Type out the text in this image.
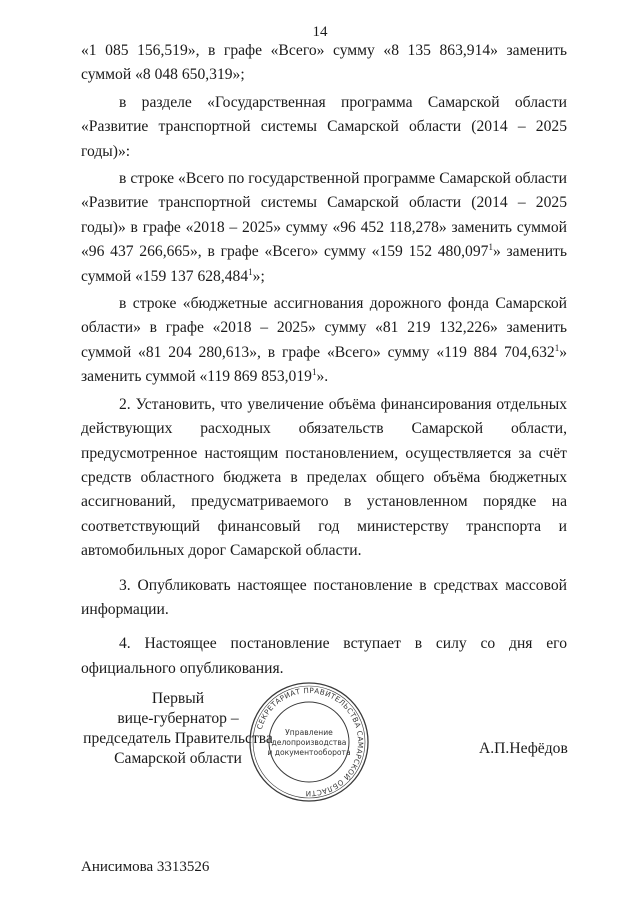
14

«1 085 156,519», в графе «Всего» сумму «8 135 863,914» заменить суммой «8 048 650,319»;

в разделе «Государственная программа Самарской области «Развитие транспортной системы Самарской области (2014 – 2025 годы)»:

в строке «Всего по государственной программе Самарской области «Развитие транспортной системы Самарской области (2014 – 2025 годы)» в графе «2018 – 2025» сумму «96 452 118,278» заменить суммой «96 437 266,665», в графе «Всего» сумму «159 152 480,097$^1$» заменить суммой «159 137 628,484$^1$»;

в строке «бюджетные ассигнования дорожного фонда Самарской области» в графе «2018 – 2025» сумму «81 219 132,226» заменить суммой «81 204 280,613», в графе «Всего» сумму «119 884 704,632$^1$» заменить суммой «119 869 853,019$^1$».

2. Установить, что увеличение объёма финансирования отдельных действующих расходных обязательств Самарской области, предусмотренное настоящим постановлением, осуществляется за счёт средств областного бюджета в пределах общего объёма бюджетных ассигнований, предусматриваемого в установленном порядке на соответствующий финансовый год министерству транспорта и автомобильных дорог Самарской области.

3. Опубликовать настоящее постановление в средствах массовой информации.

4. Настоящее постановление вступает в силу со дня его официального опубликования.

Первый
вице-губернатор –
председатель Правительства
Самарской области
А.П.Нефёдов
СЕКРЕТАРИАТ ПРАВИТЕЛЬСТВА САМАРСКОЙ ОБЛАСТИ
Управление
делопроизводства
и документооборота
Анисимова 3313526
